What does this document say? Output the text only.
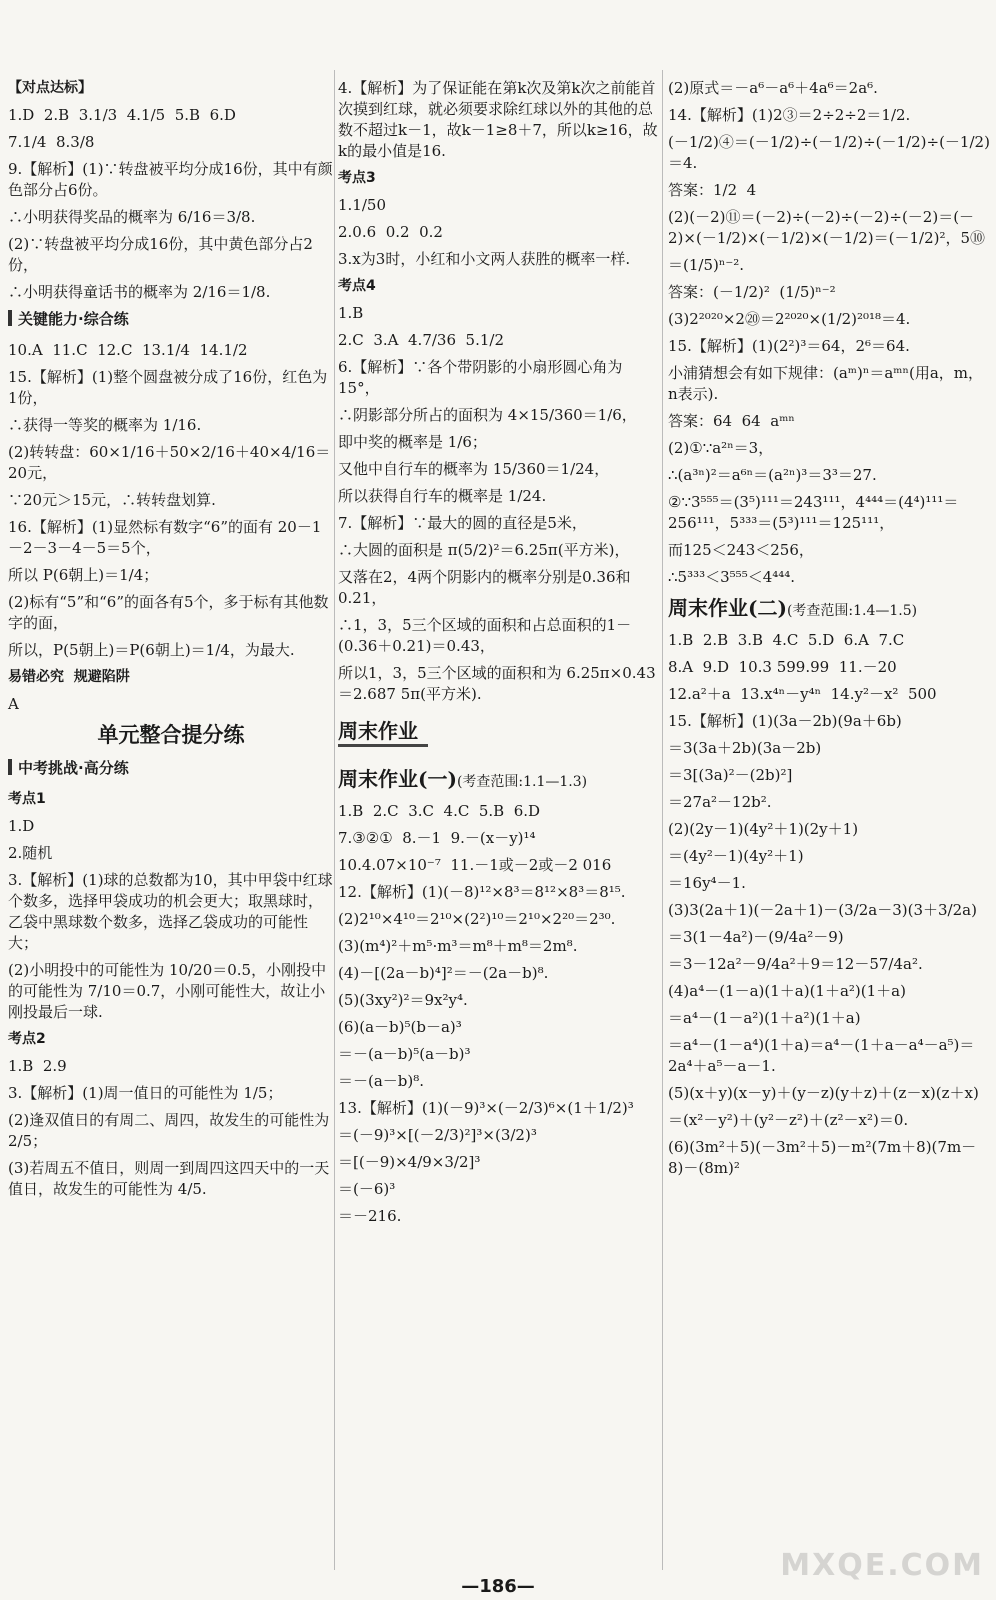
【对点达标】
1.D  2.B  3.1/3  4.1/5  5.B  6.D
7.1/4  8.3/8
9.【解析】(1)∵转盘被平均分成16份，其中有颜色部分占6份。
∴小明获得奖品的概率为 6/16＝3/8.
(2)∵转盘被平均分成16份，其中黄色部分占2份，
∴小明获得童话书的概率为 2/16＝1/8.
关键能力·综合练
10.A  11.C  12.C  13.1/4  14.1/2
15.【解析】(1)整个圆盘被分成了16份，红色为1份，
∴获得一等奖的概率为 1/16.
(2)转转盘：60×1/16＋50×2/16＋40×4/16＝20元，
∵20元＞15元，∴转转盘划算.
16.【解析】(1)显然标有数字“6”的面有 20－1－2－3－4－5＝5个，
所以 P(6朝上)＝1/4；
(2)标有“5”和“6”的面各有5个，多于标有其他数字的面，
所以，P(5朝上)＝P(6朝上)＝1/4，为最大.
易错必究  规避陷阱
A
单元整合提分练
中考挑战·高分练
考点1
1.D
2.随机
3.【解析】(1)球的总数都为10，其中甲袋中红球个数多，选择甲袋成功的机会更大；取黑球时，乙袋中黑球数个数多，选择乙袋成功的可能性大；
(2)小明投中的可能性为 10/20＝0.5，小刚投中的可能性为 7/10＝0.7，小刚可能性大，故让小刚投最后一球.
考点2
1.B  2.9
3.【解析】(1)周一值日的可能性为 1/5；
(2)逢双值日的有周二、周四，故发生的可能性为 2/5；
(3)若周五不值日，则周一到周四这四天中的一天值日，故发生的可能性为 4/5.
4.【解析】为了保证能在第k次及第k次之前能首次摸到红球，就必须要求除红球以外的其他的总数不超过k－1，故k－1≥8＋7，所以k≥16，故k的最小值是16.
考点3
1.1/50
2.0.6  0.2  0.2
3.x为3时，小红和小文两人获胜的概率一样.
考点4
1.B
2.C  3.A  4.7/36  5.1/2
6.【解析】∵各个带阴影的小扇形圆心角为15°，
∴阴影部分所占的面积为 4×15/360＝1/6，
即中奖的概率是 1/6；
又他中自行车的概率为 15/360＝1/24，
所以获得自行车的概率是 1/24.
7.【解析】∵最大的圆的直径是5米，
∴大圆的面积是 π(5/2)²＝6.25π(平方米)，
又落在2，4两个阴影内的概率分别是0.36和0.21，
∴1，3，5三个区域的面积和占总面积的1－(0.36＋0.21)＝0.43，
所以1，3，5三个区域的面积和为 6.25π×0.43＝2.687 5π(平方米).
周末作业
周末作业(一)(考查范围:1.1—1.3)
1.B  2.C  3.C  4.C  5.B  6.D
7.③②①  8.－1  9.－(x－y)¹⁴
10.4.07×10⁻⁷  11.－1或－2或－2 016
12.【解析】(1)(－8)¹²×8³＝8¹²×8³＝8¹⁵.
(2)2¹⁰×4¹⁰＝2¹⁰×(2²)¹⁰＝2¹⁰×2²⁰＝2³⁰.
(3)(m⁴)²＋m⁵·m³＝m⁸＋m⁸＝2m⁸.
(4)－[(2a－b)⁴]²＝－(2a－b)⁸.
(5)(3xy²)²＝9x²y⁴.
(6)(a－b)⁵(b－a)³
＝－(a－b)⁵(a－b)³
＝－(a－b)⁸.
13.【解析】(1)(－9)³×(－2/3)⁶×(1＋1/2)³
＝(－9)³×[(－2/3)²]³×(3/2)³
＝[(－9)×4/9×3/2]³
＝(－6)³
＝－216.
(2)原式＝－a⁶－a⁶＋4a⁶＝2a⁶.
14.【解析】(1)2③＝2÷2÷2＝1/2.
(－1/2)④＝(－1/2)÷(－1/2)÷(－1/2)÷(－1/2)＝4.
答案：1/2  4
(2)(－2)⑪＝(－2)÷(－2)÷(－2)÷(－2)＝(－2)×(－1/2)×(－1/2)×(－1/2)＝(－1/2)²，5⑩
＝(1/5)ⁿ⁻².
答案：(－1/2)²  (1/5)ⁿ⁻²
(3)2²⁰²⁰×2⑳＝2²⁰²⁰×(1/2)²⁰¹⁸＝4.
15.【解析】(1)(2²)³＝64，2⁶＝64.
小浦猜想会有如下规律：(aᵐ)ⁿ＝aᵐⁿ(用a，m，n表示).
答案：64  64  aᵐⁿ
(2)①∵a²ⁿ＝3，
∴(a³ⁿ)²＝a⁶ⁿ＝(a²ⁿ)³＝3³＝27.
②∵3⁵⁵⁵＝(3⁵)¹¹¹＝243¹¹¹，4⁴⁴⁴＝(4⁴)¹¹¹＝256¹¹¹，5³³³＝(5³)¹¹¹＝125¹¹¹，
而125＜243＜256，
∴5³³³＜3⁵⁵⁵＜4⁴⁴⁴.
周末作业(二)(考查范围:1.4—1.5)
1.B  2.B  3.B  4.C  5.D  6.A  7.C
8.A  9.D  10.3 599.99  11.－20
12.a²＋a  13.x⁴ⁿ－y⁴ⁿ  14.y²－x²  500
15.【解析】(1)(3a－2b)(9a＋6b)
＝3(3a＋2b)(3a－2b)
＝3[(3a)²－(2b)²]
＝27a²－12b².
(2)(2y－1)(4y²＋1)(2y＋1)
＝(4y²－1)(4y²＋1)
＝16y⁴－1.
(3)3(2a＋1)(－2a＋1)－(3/2a－3)(3＋3/2a)
＝3(1－4a²)－(9/4a²－9)
＝3－12a²－9/4a²＋9＝12－57/4a².
(4)a⁴－(1－a)(1＋a)(1＋a²)(1＋a)
＝a⁴－(1－a²)(1＋a²)(1＋a)
＝a⁴－(1－a⁴)(1＋a)＝a⁴－(1＋a－a⁴－a⁵)＝2a⁴＋a⁵－a－1.
(5)(x＋y)(x－y)＋(y－z)(y＋z)＋(z－x)(z＋x)
＝(x²－y²)＋(y²－z²)＋(z²－x²)＝0.
(6)(3m²＋5)(－3m²＋5)－m²(7m＋8)(7m－8)－(8m)²
—186—
MXQE.COM
